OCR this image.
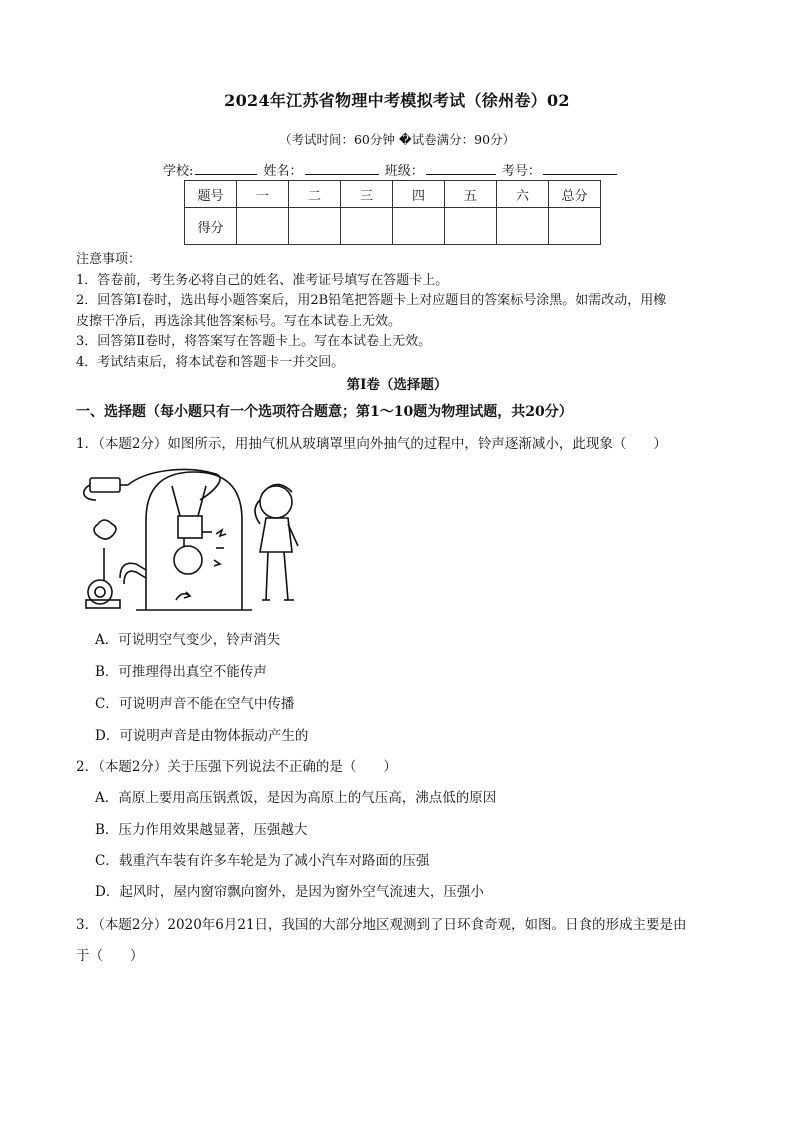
2024年江苏省物理中考模拟考试（徐州卷）02
（考试时间：60分钟 �试卷满分：90分）
学校:	姓名：	班级：	考号：
题号	一	二	三	四	五	六	总分
得分							

注意事项：

1．答卷前，考生务必将自己的姓名、准考证号填写在答题卡上。

2．回答第Ⅰ卷时，选出每小题答案后，用2B铅笔把答题卡上对应题目的答案标号涂黑。如需改动，用橡

皮擦干净后，再选涂其他答案标号。写在本试卷上无效。

3．回答第Ⅱ卷时，将答案写在答题卡上。写在本试卷上无效。

4．考试结束后，将本试卷和答题卡一并交回。

第Ⅰ卷（选择题）
一、选择题（每小题只有一个选项符合题意；第1～10题为物理试题，共20分）
1．（本题2分）如图所示，用抽气机从玻璃罩里向外抽气的过程中，铃声逐渐减小，此现象（　　）
A．可说明空气变少，铃声消失
B．可推理得出真空不能传声
C．可说明声音不能在空气中传播
D．可说明声音是由物体振动产生的
2．（本题2分）关于压强下列说法不正确的是（　　）
A．高原上要用高压锅煮饭，是因为高原上的气压高，沸点低的原因
B．压力作用效果越显著，压强越大
C．载重汽车装有许多车轮是为了减小汽车对路面的压强
D．起风时，屋内窗帘飘向窗外，是因为窗外空气流速大，压强小
3．（本题2分）2020年6月21日，我国的大部分地区观测到了日环食奇观，如图。日食的形成主要是由
于（　　）
